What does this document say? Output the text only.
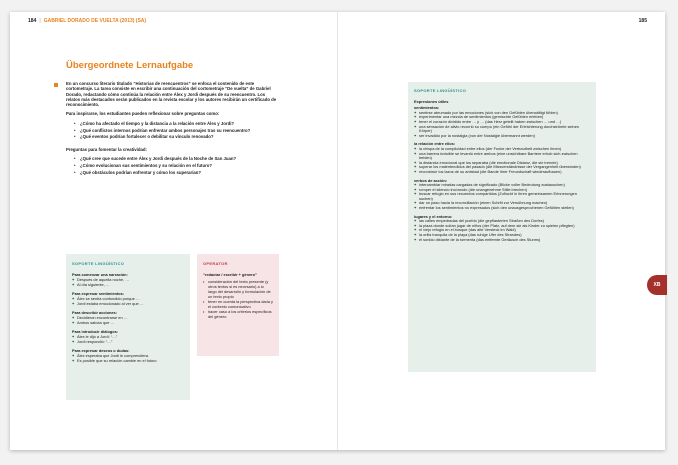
184 | GABRIEL DORADO DE VUELTA (2013) (SA)	185
Übergeordnete Lernaufgabe

En un concurso literario titulado “Historias de reencuentros” se enfoca el contenido de este cortometraje. La tarea consiste en escribir una continuación del cortometraje “De vuelta” de Gabriel Dorado, redactando cómo continúa la relación entre Álex y Jordi después de su reencuentro. Los relatos más destacados serán publicados en la revista escolar y los autores recibirán un certificado de reconocimiento.

Para inspirarse, los estudiantes pueden reflexionar sobre preguntas como:

• ¿Cómo ha afectado el tiempo y la distancia a la relación entre Álex y Jordi?
• ¿Qué conflictos internos podrían enfrentar ambos personajes tras su reencuentro?
• ¿Qué eventos podrían fortalecer o debilitar su vínculo renovado?

Preguntas para fomentar la creatividad:

• ¿Qué cree que sucede entre Álex y Jordi después de la Noche de San Juan?
• ¿Cómo evolucionan sus sentimientos y su relación en el futuro?
• ¿Qué obstáculos podrían enfrentar y cómo los superarían?
SOPORTE LINGÜÍSTICO
Para comenzar una narración:
+ Después de aquella noche, …
+ Al día siguiente, …
Para expresar sentimientos:
+ Álex se sentía confundido porque …
+ Jordi estaba emocionado al ver que …
Para describir acciones:
+ Decidieron encontrarse en …
+ Ambos sabían que …
Para introducir diálogos:
+ Álex le dijo a Jordi: “…”
+ Jordi respondió: “…”
Para expresar deseos o dudas:
+ Álex esperaba que Jordi le comprendiera.
+ Es posible que su relación cambie en el futuro
OPERATOR
“redactar / escribir + género”
• consideración del texto presente (y otros textos si es necesario) a lo largo del desarrollo y formulación de un texto propio
• tener en cuenta la perspectiva dada y el contexto comunicativo
• hacer caso a los criterios específicos del género
SOPORTE LINGÜÍSTICO
Expresiones útiles
sentimientos:
+ sentirse abrumado por las emociones (sich von den Gefühlen überwältigt fühlen)
+ experimentar una mezcla de sentimientos (gemischte Gefühlen erleben)
+ tener el corazón dividido entre … y … (das Herz geteilt haben zwischen … und …)
+ una sensación de alivio recorrió su cuerpo (ein Gefühl der Erleichterung durchströmte seinen Körper)
+ ser invadido por la nostalgia (von der Nostalgie übermannt werden)
la relación entre ellos:
+ la chispa de la complicidad entre ellos (der Funke der Vertrautheit zwischen ihnen)
+ una barrera invisible se levantó entre ambos (eine unsichtbare Barriere erhob sich zwischen beiden)
+ la distancia emocional que los separaba (die emotionale Distanz, die sie trennte)
+ superar los malentendidos del pasado (die Missverständnisse der Vergangenheit überwinden)
+ reconstruir los lazos de su amistad (die Bande ihrer Freundschaft wiederaufbauen)
verbos de acción:
+ intercambiar miradas cargadas de significado (Blicke voller Bedeutung austauschen)
+ romper el silencio incómodo (die unangenehme Stille brechen)
+ buscar refugio en sus recuerdos compartidos (Zuflucht in ihren gemeinsamen Erinnerungen suchen)
+ dar un paso hacia la reconciliación (einen Schritt zur Versöhnung machen)
+ enfrentar los sentimientos no expresados (sich den unausgesprochenen Gefühlen stellen)
lugares y el entorno:
+ las calles empedradas del pueblo (die gepflasterten Straßen des Dorfes)
+ la plaza donde solían jugar de niños (der Platz, auf dem sie als Kinder zu spielen pflegten)
+ el viejo refugio en el bosque (das alte Versteck im Wald)
+ la orilla tranquila de la playa (das ruhige Ufer des Strandes)
+ el sonido distante de la tormenta (das entfernte Geräusch des Sturms)
XB
